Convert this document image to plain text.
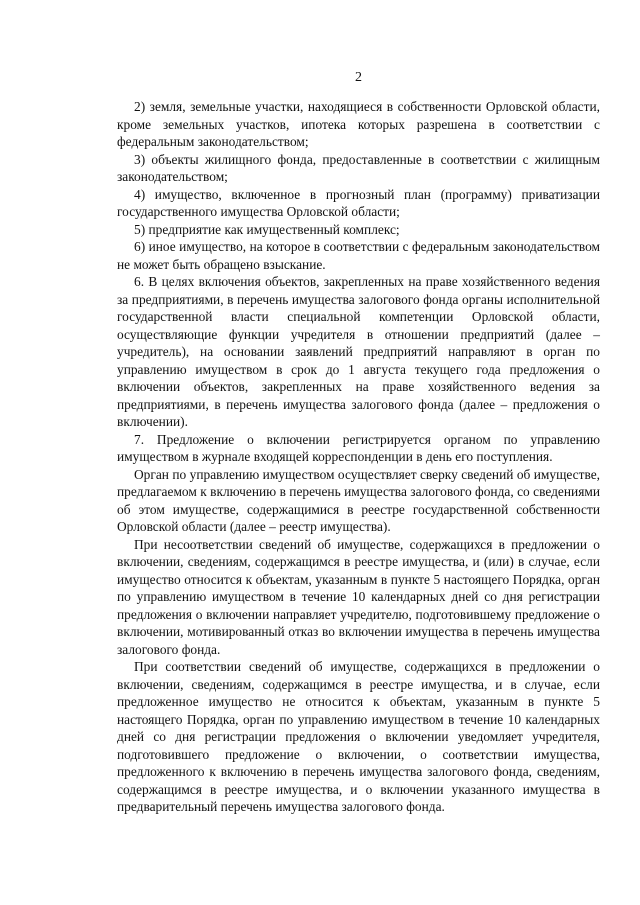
2

2) земля, земельные участки, находящиеся в собственности Орловской области, кроме земельных участков, ипотека которых разрешена в соответствии с федеральным законодательством;

3) объекты жилищного фонда, предоставленные в соответствии с жилищным законодательством;

4) имущество, включенное в прогнозный план (программу) приватизации государственного имущества Орловской области;

5) предприятие как имущественный комплекс;

6) иное имущество, на которое в соответствии с федеральным законодательством не может быть обращено взыскание.

6. В целях включения объектов, закрепленных на праве хозяйственного ведения за предприятиями, в перечень имущества залогового фонда органы исполнительной государственной власти специальной компетенции Орловской области, осуществляющие функции учредителя в отношении предприятий (далее – учредитель), на основании заявлений предприятий направляют в орган по управлению имуществом в срок до 1 августа текущего года предложения о включении объектов, закрепленных на праве хозяйственного ведения за предприятиями, в перечень имущества залогового фонда (далее – предложения о включении).

7. Предложение о включении регистрируется органом по управлению имуществом в журнале входящей корреспонденции в день его поступления.

Орган по управлению имуществом осуществляет сверку сведений об имуществе, предлагаемом к включению в перечень имущества залогового фонда, со сведениями об этом имуществе, содержащимися в реестре государственной собственности Орловской области (далее – реестр имущества).

При несоответствии сведений об имуществе, содержащихся в предложении о включении, сведениям, содержащимся в реестре имущества, и (или) в случае, если имущество относится к объектам, указанным в пункте 5 настоящего Порядка, орган по управлению имуществом в течение 10 календарных дней со дня регистрации предложения о включении направляет учредителю, подготовившему предложение о включении, мотивированный отказ во включении имущества в перечень имущества залогового фонда.

При соответствии сведений об имуществе, содержащихся в предложении о включении, сведениям, содержащимся в реестре имущества, и в случае, если предложенное имущество не относится к объектам, указанным в пункте 5 настоящего Порядка, орган по управлению имуществом в течение 10 календарных дней со дня регистрации предложения о включении уведомляет учредителя, подготовившего предложение о включении, о соответствии имущества, предложенного к включению в перечень имущества залогового фонда, сведениям, содержащимся в реестре имущества, и о включении указанного имущества в предварительный перечень имущества залогового фонда.
